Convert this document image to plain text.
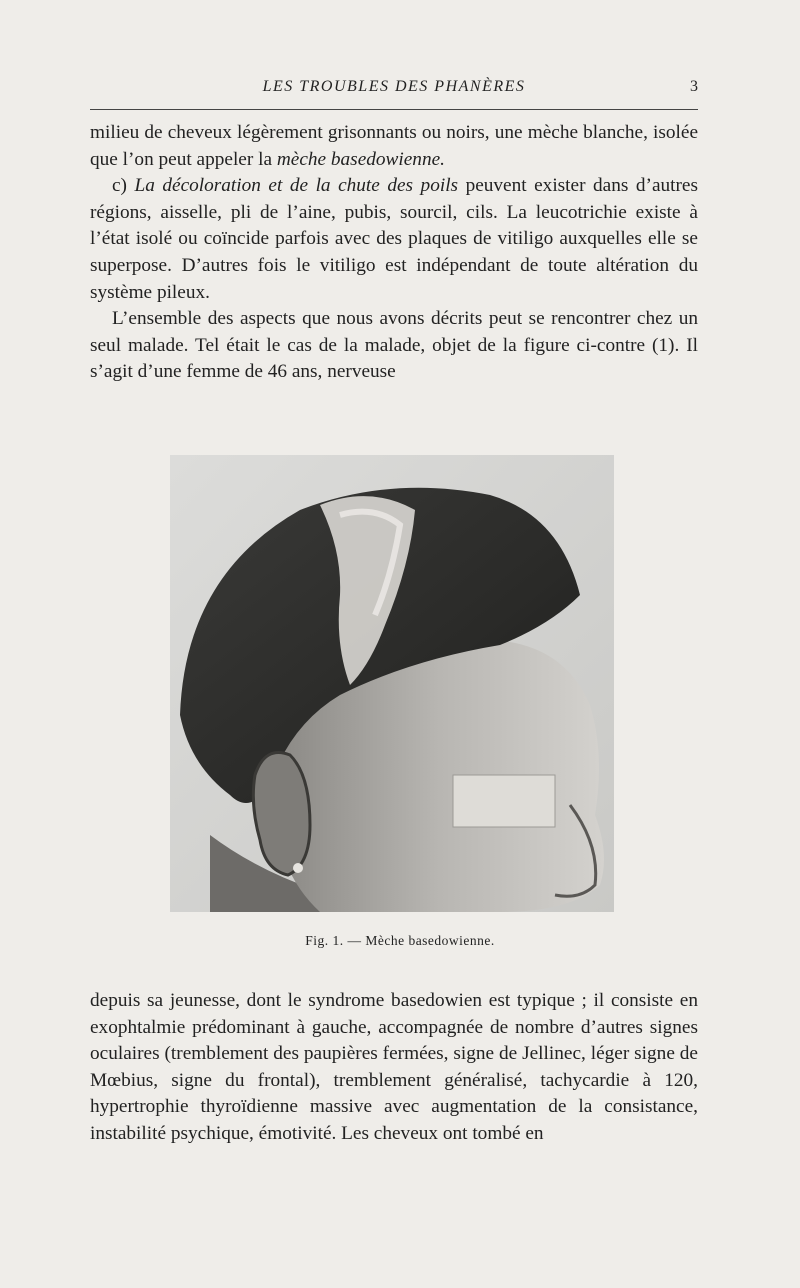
LES TROUBLES DES PHANÈRES	3

milieu de cheveux légèrement grisonnants ou noirs, une mèche blanche, isolée que l’on peut appeler la mèche basedowienne.

c) La décoloration et de la chute des poils peuvent exister dans d’autres régions, aisselle, pli de l’aine, pubis, sourcil, cils. La leucotrichie existe à l’état isolé ou coïncide parfois avec des plaques de vitiligo auxquelles elle se superpose. D’autres fois le vitiligo est indépendant de toute altération du système pileux.

L’ensemble des aspects que nous avons décrits peut se rencontrer chez un seul malade. Tel était le cas de la malade, objet de la figure ci-contre (1). Il s’agit d’une femme de 46 ans, nerveuse

Fig. 1. — Mèche basedowienne.

depuis sa jeunesse, dont le syndrome basedowien est typique ; il consiste en exophtalmie prédominant à gauche, accompagnée de nombre d’autres signes oculaires (tremblement des paupières fermées, signe de Jellinec, léger signe de Mœbius, signe du frontal), tremblement généralisé, tachycardie à 120, hypertrophie thyroïdienne massive avec augmentation de la consistance, instabilité psychique, émotivité. Les cheveux ont tombé en
